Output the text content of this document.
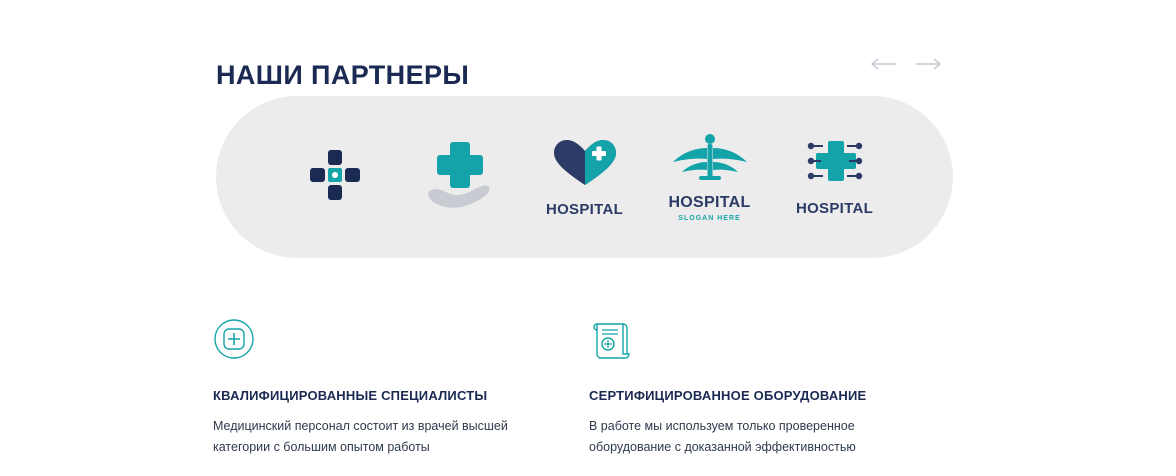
НАШИ ПАРТНЕРЫ
HOSPITAL	HOSPITAL
SLOGAN HERE
HOSPITAL
КВАЛИФИЦИРОВАННЫЕ СПЕЦИАЛИСТЫ
Медицинский персонал состоит из врачей высшей категории с большим опытом работы
СЕРТИФИЦИРОВАННОЕ ОБОРУДОВАНИЕ
В работе мы используем только проверенное оборудование с доказанной эффективностью
